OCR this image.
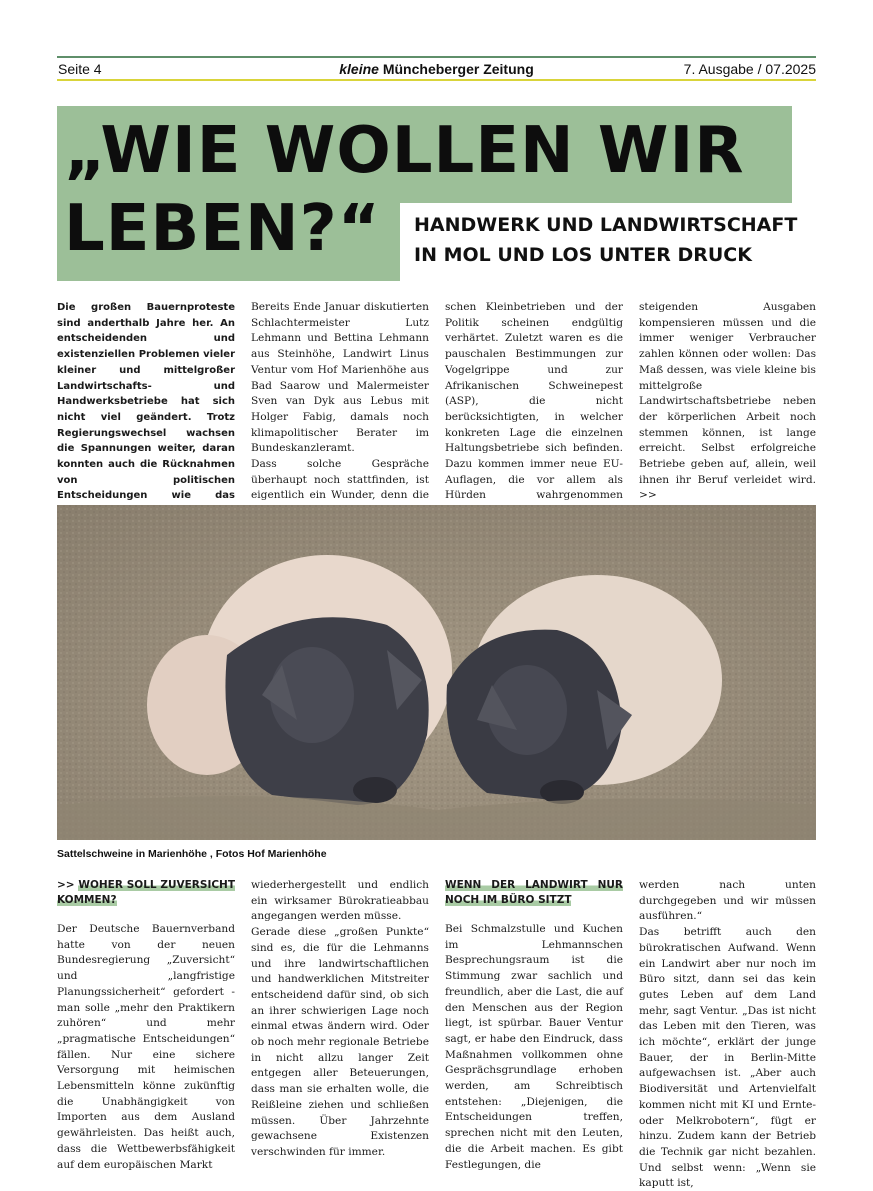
Seite 4	kleine Müncheberger Zeitung	7. Ausgabe / 07.2025
„WIE WOLLEN WIR
LEBEN?“	HANDWERK UND LANDWIRTSCHAFT
IN MOL UND LOS UNTER DRUCK
Die großen Bauernproteste sind anderthalb Jahre her. An entscheidenden und existenziellen Problemen vieler kleiner und mittelgroßer Landwirtschafts- und Handwerksbetriebe hat sich nicht viel geändert. Trotz Regierungswechsel wachsen die Spannungen weiter, daran konnten auch die Rücknahmen von politischen Entscheidungen wie das

Bereits Ende Januar diskutierten Schlachtermeister Lutz Lehmann und Bettina Lehmann aus Steinhöhe, Landwirt Linus Ventur vom Hof Marienhöhe aus Bad Saarow und Malermeister Sven van Dyk aus Lebus mit Holger Fabig, damals noch klimapolitischer Berater im Bundeskanzleramt.

Dass solche Gespräche überhaupt noch stattfinden, ist eigentlich ein Wunder, denn die

schen Kleinbetrieben und der Politik scheinen endgültig verhärtet. Zuletzt waren es die pauschalen Bestimmungen zur Vogelgrippe und zur Afrikanischen Schweinepest (ASP), die nicht berücksichtigten, in welcher konkreten Lage die einzelnen Haltungsbetriebe sich befinden. Dazu kommen immer neue EU-Auflagen, die vor allem als Hürden wahrgenommen
steigenden Ausgaben kompensieren müssen und die immer weniger Verbraucher zahlen können oder wollen: Das Maß dessen, was viele kleine bis mittelgroße Landwirtschaftsbetriebe neben der körperlichen Arbeit noch stemmen können, ist lange erreicht. Selbst erfolgreiche Betriebe geben auf, allein, weil ihnen ihr Beruf verleidet wird. >>
Sattelschweine in Marienhöhe , Fotos Hof Marienhöhe
>> WOHER SOLL ZUVERSICHT KOMMEN?

Der Deutsche Bauernverband hatte von der neuen Bundesregierung „Zuversicht“ und „langfristige Planungssicherheit“ gefordert - man solle „mehr den Praktikern zuhören“ und mehr „pragmatische Entscheidungen“ fällen. Nur eine sichere Versorgung mit heimischen Lebensmitteln könne zukünftig die Unabhängigkeit von Importen aus dem Ausland gewährleisten. Das heißt auch, dass die Wettbewerbsfähigkeit auf dem europäischen Markt

wiederhergestellt und endlich ein wirksamer Bürokratieabbau angegangen werden müsse.

Gerade diese „großen Punkte“ sind es, die für die Lehmanns und ihre landwirtschaftlichen und handwerklichen Mitstreiter entscheidend dafür sind, ob sich an ihrer schwierigen Lage noch einmal etwas ändern wird. Oder ob noch mehr regionale Betriebe in nicht allzu langer Zeit entgegen aller Beteuerungen, dass man sie erhalten wolle, die Reißleine ziehen und schließen müssen. Über Jahrzehnte gewachsene Existenzen verschwinden für immer.

WENN DER LANDWIRT NUR NOCH IM BÜRO SITZT

Bei Schmalzstulle und Kuchen im Lehmannschen Besprechungsraum ist die Stimmung zwar sachlich und freundlich, aber die Last, die auf den Menschen aus der Region liegt, ist spürbar. Bauer Ventur sagt, er habe den Eindruck, dass Maßnahmen vollkommen ohne Gesprächsgrundlage erhoben werden, am Schreibtisch entstehen: „Diejenigen, die Entscheidungen treffen, sprechen nicht mit den Leuten, die die Arbeit machen. Es gibt Festlegungen, die

werden nach unten durchgegeben und wir müssen ausführen.“

Das betrifft auch den bürokratischen Aufwand. Wenn ein Landwirt aber nur noch im Büro sitzt, dann sei das kein gutes Leben auf dem Land mehr, sagt Ventur. „Das ist nicht das Leben mit den Tieren, was ich möchte“, erklärt der junge Bauer, der in Berlin-Mitte aufgewachsen ist. „Aber auch Biodiversität und Artenvielfalt kommen nicht mit KI und Ernte- oder Melkrobotern“, fügt er hinzu. Zudem kann der Betrieb die Technik gar nicht bezahlen. Und selbst wenn: „Wenn sie kaputt ist,
